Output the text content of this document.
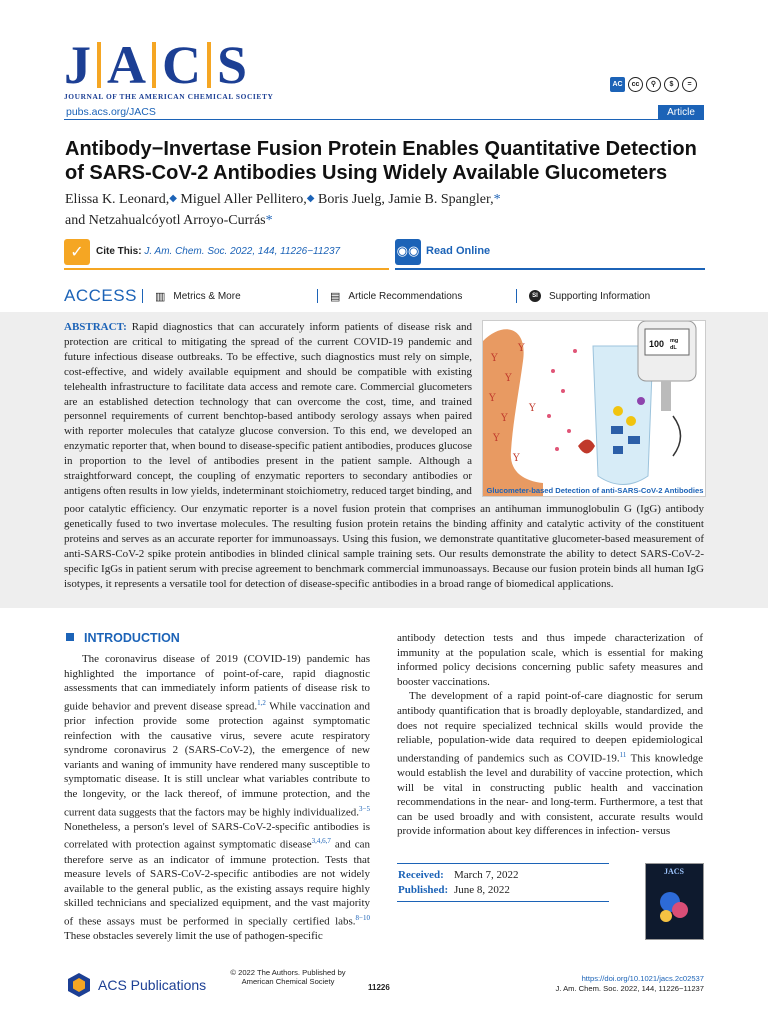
J A C S
JOURNAL OF THE AMERICAN CHEMICAL SOCIETY
AC	cc	⚲	$	=
pubs.acs.org/JACS	Article
Antibody−Invertase Fusion Protein Enables Quantitative Detection of SARS-CoV-2 Antibodies Using Widely Available Glucometers
Elissa K. Leonard,◆ Miguel Aller Pellitero,◆ Boris Juelg, Jamie B. Spangler,*
and Netzahualcóyotl Arroyo-Currás*
✓	Cite This: J. Am. Chem. Soc. 2022, 144, 11226−11237	◉◉ Read Online
ACCESS ▥ Metrics & More	▤ Article Recommendations	SI	Supporting Information
ABSTRACT: Rapid diagnostics that can accurately inform patients of disease risk and protection are critical to mitigating the spread of the current COVID-19 pandemic and future infectious disease outbreaks. To be effective, such diagnostics must rely on simple, cost-effective, and widely available equipment and should be compatible with existing telehealth infrastructure to facilitate data access and remote care. Commercial glucometers are an established detection technology that can overcome the cost, time, and trained personnel requirements of current benchtop-based antibody serology assays when paired with reporter molecules that catalyze glucose conversion. To this end, we developed an enzymatic reporter that, when bound to disease-specific patient antibodies, produces glucose in proportion to the level of antibodies present in the patient sample. Although a straightforward concept, the coupling of enzymatic reporters to secondary antibodies or antigens often results in low yields, indeterminant stoichiometry, reduced target binding, and
poor catalytic efficiency. Our enzymatic reporter is a novel fusion protein that comprises an antihuman immunoglobulin G (IgG) antibody genetically fused to two invertase molecules. The resulting fusion protein retains the binding affinity and catalytic activity of the constituent proteins and serves as an accurate reporter for immunoassays. Using this fusion, we demonstrate quantitative glucometer-based measurement of anti-SARS-CoV-2 spike protein antibodies in blinded clinical sample training sets. Our results demonstrate the ability to detect SARS-CoV-2-specific IgGs in patient serum with precise agreement to benchmark commercial immunoassays. Because our fusion protein binds all human IgG isotypes, it represents a versatile tool for detection of disease-specific antibodies in a broad range of biomedical applications.
Y
Y
Y
Y
Y
Y
Y
Y
100 mg
dL
Glucometer-based Detection of anti-SARS-CoV-2 Antibodies
INTRODUCTION

​   The coronavirus disease of 2019 (COVID-19) pandemic has highlighted the importance of point-of-care, rapid diagnostic assessments that can immediately inform patients of disease risk to guide behavior and prevent disease spread.$^{1,2}$ While vaccination and prior infection provide some protection against symptomatic reinfection with the causative virus, severe acute respiratory syndrome coronavirus 2 (SARS-CoV-2), the emergence of new variants and waning of immunity have rendered many susceptible to symptomatic disease. It is still unclear what variables contribute to the longevity, or the lack thereof, of immune protection, and the current data suggests that the factors may be highly individualized.$^{3-5}$ Nonetheless, a person's level of SARS-CoV-2-specific antibodies is correlated with protection against symptomatic disease$^{3,4,6,7}$ and can therefore serve as an indicator of immune protection. Tests that measure levels of SARS-CoV-2-specific antibodies are not widely available to the general public, as the existing assays require highly skilled technicians and specialized equipment, and the vast majority of these assays must be performed in specially certified labs.$^{8-10}$ These obstacles severely limit the use of pathogen-specific

antibody detection tests and thus impede characterization of immunity at the population scale, which is essential for making informed policy decisions concerning public safety measures and booster vaccinations.

The development of a rapid point-of-care diagnostic for serum antibody quantification that is broadly deployable, standardized, and does not require specialized technical skills would provide the reliable, population-wide data required to deepen epidemiological understanding of pandemics such as COVID-19.11 This knowledge would establish the level and durability of vaccine protection, which will be vital in constructing public health and vaccination recommendations in the near- and long-term. Furthermore, a test that can be used broadly and with consistent, accurate results would provide information about key differences in infection- versus

Received: March 7, 2022
Published: June 8, 2022
JACS
ACS Publications
© 2022 The Authors. Published by
American Chemical Society
11226
https://doi.org/10.1021/jacs.2c02537
J. Am. Chem. Soc. 2022, 144, 11226−11237
